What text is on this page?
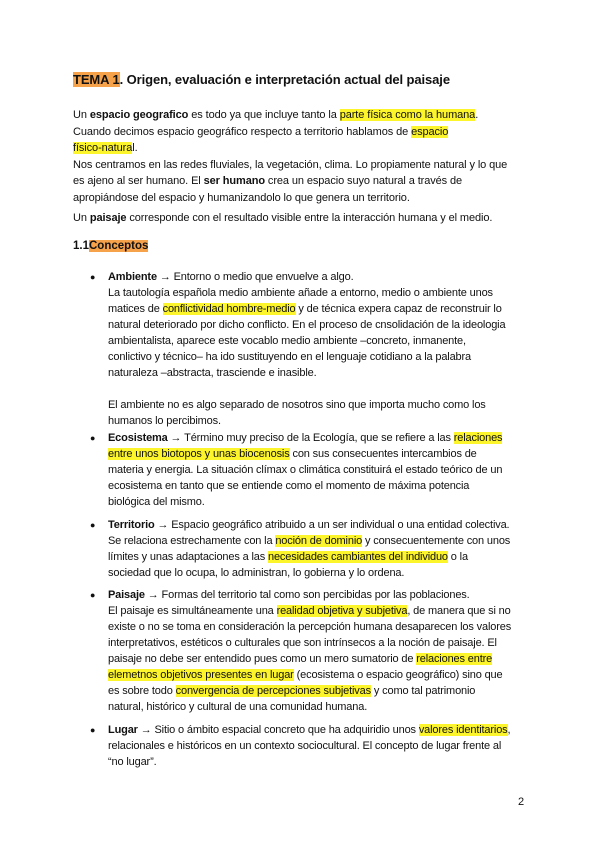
TEMA 1. Origen, evaluación e interpretación actual del paisaje
Un espacio geografico es todo ya que incluye tanto la parte física como la humana.
Cuando decimos espacio geográfico respecto a territorio hablamos de espacio
físico-natural.
Nos centramos en las redes fluviales, la vegetación, clima. Lo propiamente natural y lo que
es ajeno al ser humano. El ser humano crea un espacio suyo natural a través de
apropiándose del espacio y humanizandolo lo que genera un territorio.
Un paisaje corresponde con el resultado visible entre la interacción humana y el medio.
1.1Conceptos
● Ambiente → Entorno o medio que envuelve a algo.
La tautología española medio ambiente añade a entorno, medio o ambiente unos
matices de conflictividad hombre-medio y de técnica expera capaz de reconstruir lo
natural deteriorado por dicho conflicto. En el proceso de cnsolidación de la ideologia
ambientalista, aparece este vocablo medio ambiente –concreto, inmanente,
conlictivo y técnico– ha ido sustituyendo en el lenguaje cotidiano a la palabra
naturaleza –abstracta, trasciende e inasible.
El ambiente no es algo separado de nosotros sino que importa mucho como los
humanos lo percibimos.
● Ecosistema → Término muy preciso de la Ecología, que se refiere a las relaciones
entre unos biotopos y unas biocenosis con sus consecuentes intercambios de
materia y energia. La situación clímax o climática constituirá el estado teórico de un
ecosistema en tanto que se entiende como el momento de máxima potencia
biológica del mismo.
● Territorio → Espacio geográfico atribuido a un ser individual o una entidad colectiva.
Se relaciona estrechamente con la noción de dominio y consecuentemente con unos
límites y unas adaptaciones a las necesidades cambiantes del individuo o la
sociedad que lo ocupa, lo administran, lo gobierna y lo ordena.
● Paisaje → Formas del territorio tal como son percibidas por las poblaciones.
El paisaje es simultáneamente una realidad objetiva y subjetiva, de manera que si no
existe o no se toma en consideración la percepción humana desaparecen los valores
interpretativos, estéticos o culturales que son intrínsecos a la noción de paisaje. El
paisaje no debe ser entendido pues como un mero sumatorio de relaciones entre
elemetnos objetivos presentes en lugar (ecosistema o espacio geográfico) sino que
es sobre todo convergencia de percepciones subjetivas y como tal patrimonio
natural, histórico y cultural de una comunidad humana.
● Lugar → Sitio o ámbito espacial concreto que ha adquiridio unos valores identitarios,
relacionales e históricos en un contexto sociocultural. El concepto de lugar frente al
“no lugar”.
2
